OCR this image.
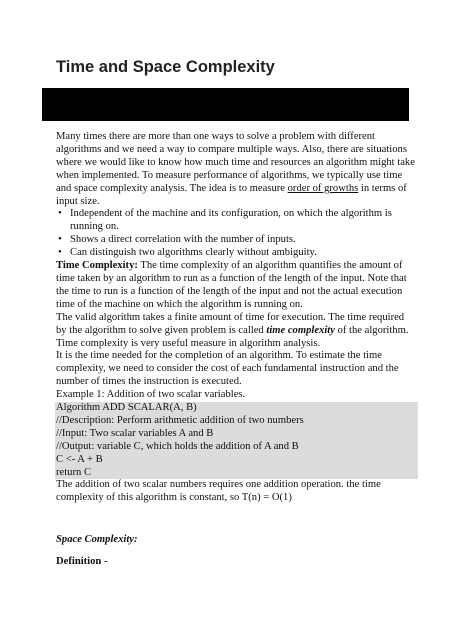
Time and Space Complexity

Many times there are more than one ways to solve a problem with different algorithms and we need a way to compare multiple ways. Also, there are situations where we would like to know how much time and resources an algorithm might take when implemented. To measure performance of algorithms, we typically use time and space complexity analysis. The idea is to measure order of growths in terms of input size.

• Independent of the machine and its configuration, on which the algorithm is running on.
• Shows a direct correlation with the number of inputs.
• Can distinguish two algorithms clearly without ambiguity.

Time Complexity: The time complexity of an algorithm quantifies the amount of time taken by an algorithm to run as a function of the length of the input. Note that the time to run is a function of the length of the input and not the actual execution time of the machine on which the algorithm is running on.

The valid algorithm takes a finite amount of time for execution. The time required by the algorithm to solve given problem is called time complexity of the algorithm. Time complexity is very useful measure in algorithm analysis.

It is the time needed for the completion of an algorithm. To estimate the time complexity, we need to consider the cost of each fundamental instruction and the number of times the instruction is executed.

Example 1: Addition of two scalar variables.

Algorithm ADD SCALAR(A, B)

//Description: Perform arithmetic addition of two numbers

//Input: Two scalar variables A and B

//Output: variable C, which holds the addition of A and B

C <- A + B

return C

The addition of two scalar numbers requires one addition operation. the time complexity of this algorithm is constant, so T(n) = O(1)

Space Complexity:

Definition -
